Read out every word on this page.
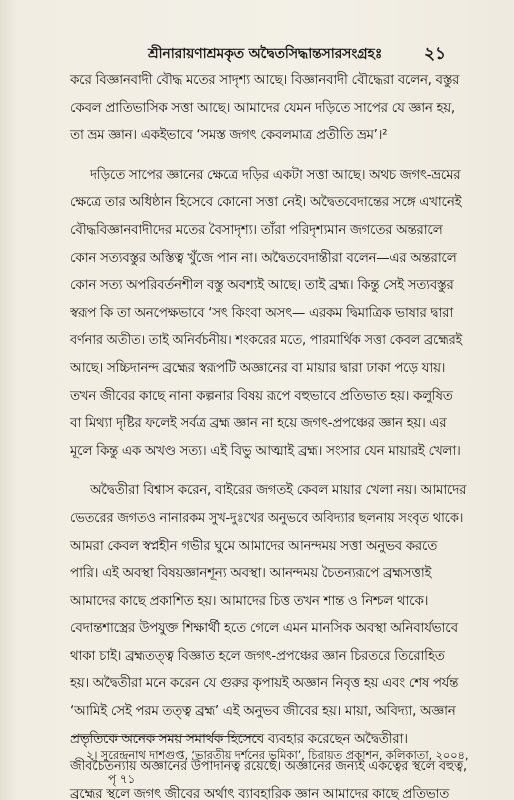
শ্রীনারায়ণাশ্রমকৃত অদ্বৈতসিদ্ধান্তসারসংগ্রহঃ ২১

করে বিজ্ঞানবাদী বৌদ্ধ মতের সাদৃশ্য আছে। বিজ্ঞানবাদী বৌদ্ধেরা বলেন, বস্তুর
কেবল প্রাতিভাসিক সত্তা আছে। আমাদের যেমন দড়িতে সাপের যে জ্ঞান হয়,
তা ভ্রম জ্ঞান। একইভাবে ‘সমস্ত জগৎ কেবলমাত্র প্রতীতি ভ্রম’।²

দড়িতে সাপের জ্ঞানের ক্ষেত্রে দড়ির একটা সত্তা আছে। অথচ জগৎ-ভ্রমের
ক্ষেত্রে তার অধিষ্ঠান হিসেবে কোনো সত্তা নেই। অদ্বৈতবেদান্তের সঙ্গে এখানেই
বৌদ্ধবিজ্ঞানবাদীদের মতের বৈসাদৃশ্য। তাঁরা পরিদৃশ্যমান জগতের অন্তরালে
কোন সত্যবস্তুর অস্তিত্ব খুঁজে পান না। অদ্বৈতবেদান্তীরা বলেন—এর অন্তরালে
কোন সত্য অপরিবর্তনশীল বস্তু অবশ্যই আছে। তাই ব্রহ্ম। কিন্তু সেই সত্যবস্তুর
স্বরূপ কি তা অনপেক্ষভাবে ‘সৎ কিংবা অসৎ— এরকম দ্বিমাত্রিক ভাষার দ্বারা
বর্ণনার অতীত। তাই অনির্বচনীয়। শংকরের মতে, পারমার্থিক সত্তা কেবল ব্রহ্মেরই
আছে। সচ্চিদানন্দ ব্রহ্মের স্বরূপটি অজ্ঞানের বা মায়ার দ্বারা ঢাকা পড়ে যায়।
তখন জীবের কাছে নানা কল্পনার বিষয় রূপে বহুভাবে প্রতিভাত হয়। কলুষিত
বা মিথ্যা দৃষ্টির ফলেই সর্বত্র ব্রহ্ম জ্ঞান না হয়ে জগৎ-প্রপঞ্চের জ্ঞান হয়। এর
মূলে কিন্তু এক অখণ্ড সত্য। এই বিভু আত্মাই ব্রহ্ম। সংসার যেন মায়ারই খেলা।

অদ্বৈতীরা বিশ্বাস করেন, বাইরের জগতই কেবল মায়ার খেলা নয়। আমাদের
ভেতরের জগতও নানারকম সুখ-দুঃখের অনুভবে অবিদ্যার ছলনায় সংবৃত থাকে।
আমরা কেবল স্বপ্নহীন গভীর ঘুমে আমাদের আনন্দময় সত্তা অনুভব করতে
পারি। এই অবস্থা বিষয়জ্ঞানশূন্য অবস্থা। আনন্দময় চৈতন্যরূপে ব্রহ্মসত্তাই
আমাদের কাছে প্রকাশিত হয়। আমাদের চিত্ত তখন শান্ত ও নিশ্চল থাকে।
বেদান্তশাস্ত্রের উপযুক্ত শিক্ষার্থী হতে গেলে এমন মানসিক অবস্থা অনিবার্যভাবে
থাকা চাই। ব্রহ্মতত্ত্ব বিজ্ঞাত হলে জগৎ-প্রপঞ্চের জ্ঞান চিরতরে তিরোহিত
হয়। অদ্বৈতীরা মনে করেন যে গুরুর কৃপায়ই অজ্ঞান নিবৃত্ত হয় এবং শেষ পর্যন্ত
‘আমিই সেই পরম তত্ত্ব ব্রহ্ম’ এই অনুভব জীবের হয়। মায়া, অবিদ্যা, অজ্ঞান
প্রভৃতিকে অনেক সময় সমার্থক হিসেবে ব্যবহার করেছেন অদ্বৈতীরা।
জীবচৈতন্যায় অজ্ঞানের উপাদানত্ব রয়েছে। অজ্ঞানের জন্যই একত্বের স্থলে বহুত্ব,
ব্রহ্মের স্থলে জগৎ জীবের অর্থাৎ ব্যাবহারিক জ্ঞান আমাদের কাছে প্রতিভাত

২। সুরেন্দ্রনাথ দাশগুপ্ত, ‘ভারতীয় দর্শনের ভূমিকা’, চিরায়ত প্রকাশন, কলিকাতা, ২০০৪,
পৃ ৭১
